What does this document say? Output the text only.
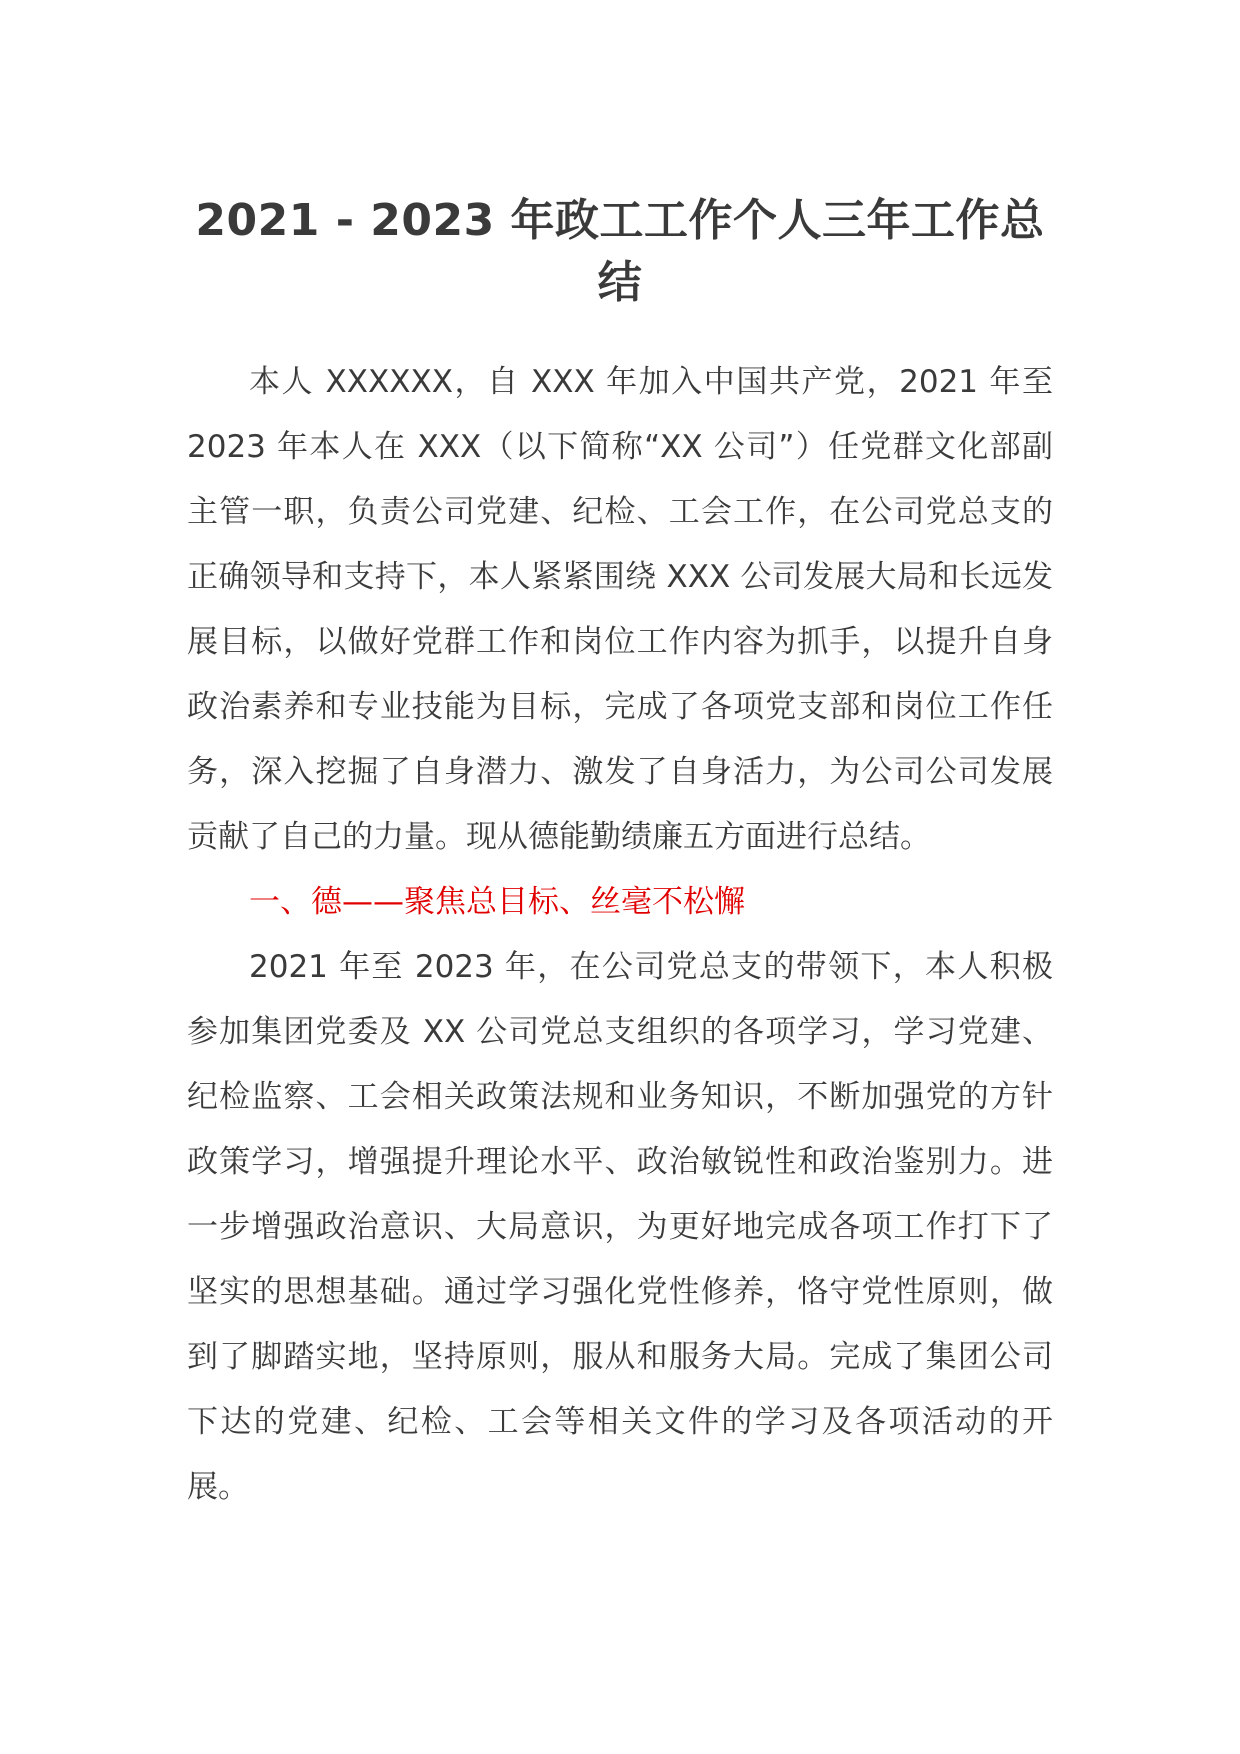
2021 - 2023 年政工工作个人三年工作总
结

本人 XXXXXX，自 XXX 年加入中国共产党，2021 年至 2023 年本人在 XXX（以下简称“XX 公司”）任党群文化部副主管一职，负责公司党建、纪检、工会工作，在公司党总支的正确领导和支持下，本人紧紧围绕 XXX 公司发展大局和长远发展目标，以做好党群工作和岗位工作内容为抓手，以提升自身政治素养和专业技能为目标，完成了各项党支部和岗位工作任务，深入挖掘了自身潜力、激发了自身活力，为公司公司发展贡献了自己的力量。现从德能勤绩廉五方面进行总结。

一、德——聚焦总目标、丝毫不松懈

2021 年至 2023 年，在公司党总支的带领下，本人积极参加集团党委及 XX 公司党总支组织的各项学习，学习党建、纪检监察、工会相关政策法规和业务知识，不断加强党的方针政策学习，增强提升理论水平、政治敏锐性和政治鉴别力。进一步增强政治意识、大局意识，为更好地完成各项工作打下了坚实的思想基础。通过学习强化党性修养，恪守党性原则，做到了脚踏实地，坚持原则，服从和服务大局。完成了集团公司下达的党建、纪检、工会等相关文件的学习及各项活动的开展。
